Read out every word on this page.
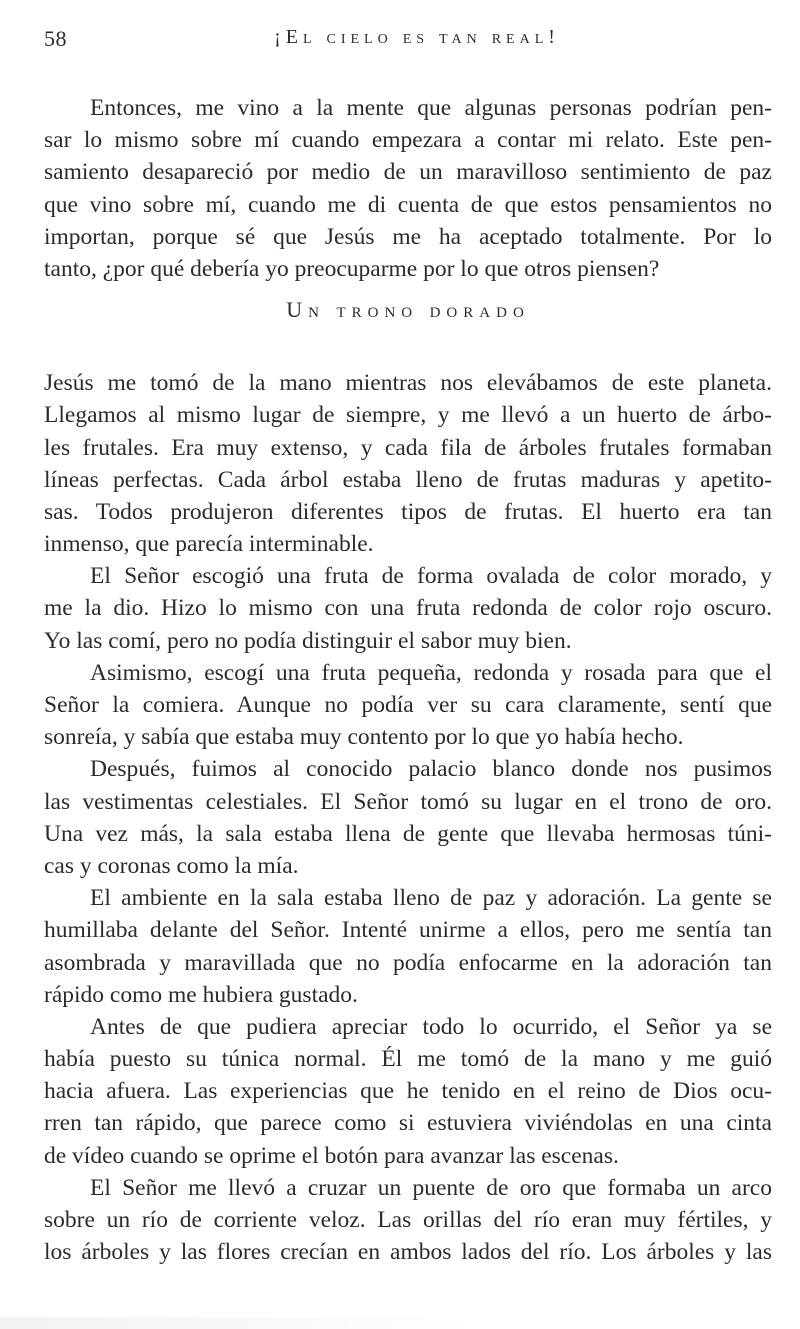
58	¡El cielo es tan real!
Entonces, me vino a la mente que algunas personas podrían pen-
sar lo mismo sobre mí cuando empezara a contar mi relato. Este pen-
samiento desapareció por medio de un maravilloso sentimiento de paz
que vino sobre mí, cuando me di cuenta de que estos pensamientos no
importan, porque sé que Jesús me ha aceptado totalmente. Por lo
tanto, ¿por qué debería yo preocuparme por lo que otros piensen?
Un trono dorado
Jesús me tomó de la mano mientras nos elevábamos de este planeta.
Llegamos al mismo lugar de siempre, y me llevó a un huerto de árbo-
les frutales. Era muy extenso, y cada fila de árboles frutales formaban
líneas perfectas. Cada árbol estaba lleno de frutas maduras y apetito-
sas. Todos produjeron diferentes tipos de frutas. El huerto era tan
inmenso, que parecía interminable.
El Señor escogió una fruta de forma ovalada de color morado, y
me la dio. Hizo lo mismo con una fruta redonda de color rojo oscuro.
Yo las comí, pero no podía distinguir el sabor muy bien.
Asimismo, escogí una fruta pequeña, redonda y rosada para que el
Señor la comiera. Aunque no podía ver su cara claramente, sentí que
sonreía, y sabía que estaba muy contento por lo que yo había hecho.
Después, fuimos al conocido palacio blanco donde nos pusimos
las vestimentas celestiales. El Señor tomó su lugar en el trono de oro.
Una vez más, la sala estaba llena de gente que llevaba hermosas túni-
cas y coronas como la mía.
El ambiente en la sala estaba lleno de paz y adoración. La gente se
humillaba delante del Señor. Intenté unirme a ellos, pero me sentía tan
asombrada y maravillada que no podía enfocarme en la adoración tan
rápido como me hubiera gustado.
Antes de que pudiera apreciar todo lo ocurrido, el Señor ya se
había puesto su túnica normal. Él me tomó de la mano y me guió
hacia afuera. Las experiencias que he tenido en el reino de Dios ocu-
rren tan rápido, que parece como si estuviera viviéndolas en una cinta
de vídeo cuando se oprime el botón para avanzar las escenas.
El Señor me llevó a cruzar un puente de oro que formaba un arco
sobre un río de corriente veloz. Las orillas del río eran muy fértiles, y
los árboles y las flores crecían en ambos lados del río. Los árboles y las
